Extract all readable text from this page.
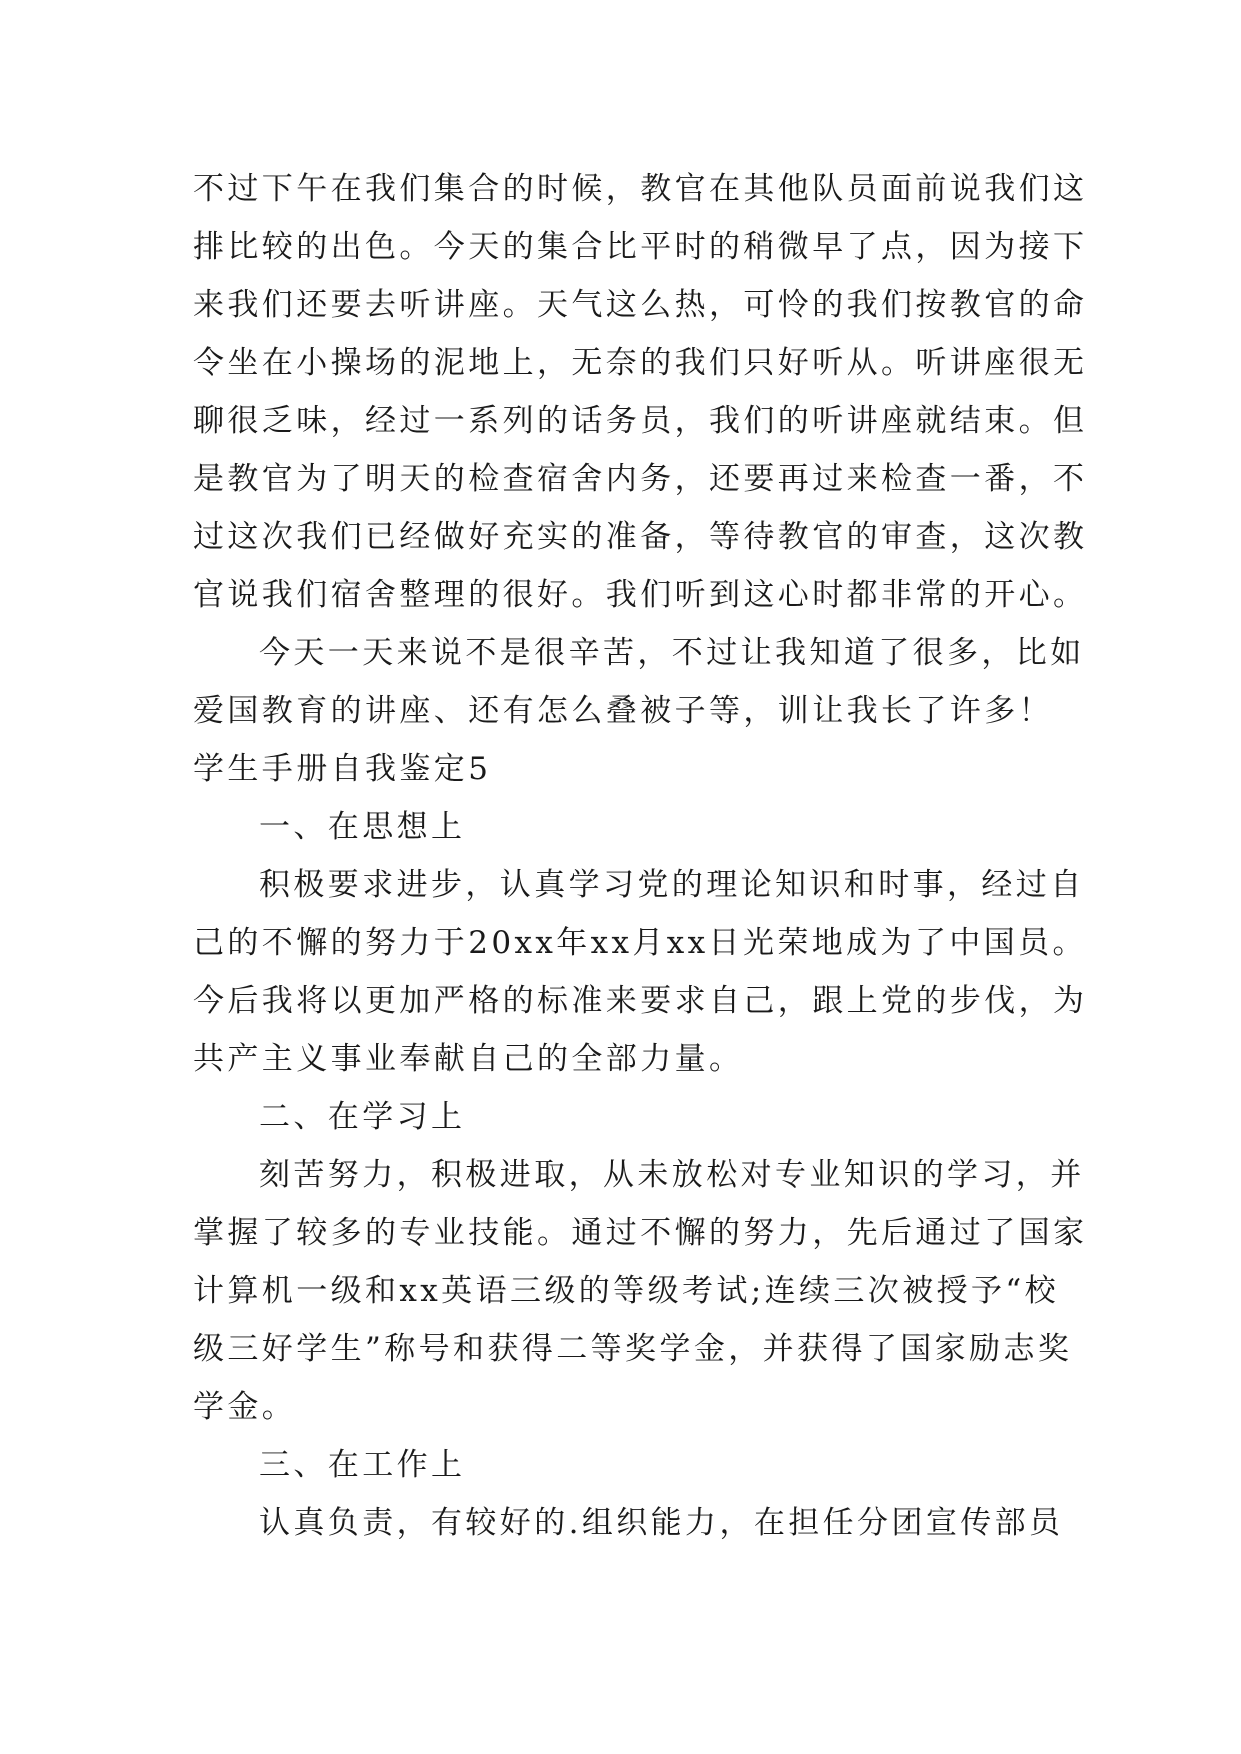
不过下午在我们集合的时候，教官在其他队员面前说我们这
排比较的出色。今天的集合比平时的稍微早了点，因为接下
来我们还要去听讲座。天气这么热，可怜的我们按教官的命
令坐在小操场的泥地上，无奈的我们只好听从。听讲座很无
聊很乏味，经过一系列的话务员，我们的听讲座就结束。但
是教官为了明天的检查宿舍内务，还要再过来检查一番，不
过这次我们已经做好充实的准备，等待教官的审查，这次教
官说我们宿舍整理的很好。我们听到这心时都非常的开心。
今天一天来说不是很辛苦，不过让我知道了很多，比如
爱国教育的讲座、还有怎么叠被子等，训让我长了许多！
学生手册自我鉴定5
一、在思想上
积极要求进步，认真学习党的理论知识和时事，经过自
己的不懈的努力于20xx年xx月xx日光荣地成为了中国员。
今后我将以更加严格的标准来要求自己，跟上党的步伐，为
共产主义事业奉献自己的全部力量。
二、在学习上
刻苦努力，积极进取，从未放松对专业知识的学习，并
掌握了较多的专业技能。通过不懈的努力，先后通过了国家
计算机一级和xx英语三级的等级考试;连续三次被授予“校
级三好学生”称号和获得二等奖学金，并获得了国家励志奖
学金。
三、在工作上
认真负责，有较好的.组织能力，在担任分团宣传部员
